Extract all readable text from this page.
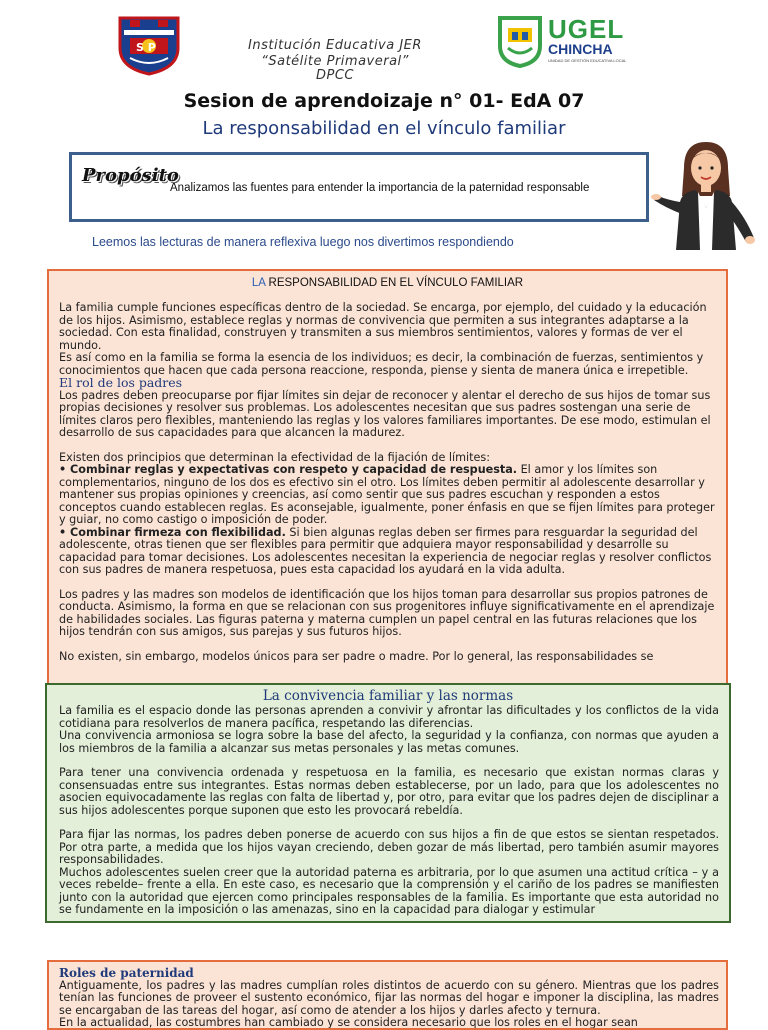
S P	Institución Educativa JER
“Satélite Primaveral”
DPCC
UGEL
CHINCHA
UNIDAD DE GESTIÓN EDUCATIVA LOCAL
Sesion de aprendoizaje n° 01- EdA 07
La responsabilidad en el vínculo familiar
Propósito
Analizamos las fuentes para entender la importancia de la paternidad responsable
Leemos las lecturas de manera reflexiva luego nos divertimos respondiendo
LA RESPONSABILIDAD EN EL VÍNCULO FAMILIAR

La familia cumple funciones específicas dentro de la sociedad. Se encarga, por ejemplo, del cuidado y la educación de los hijos. Asimismo, establece reglas y normas de convivencia que permiten a sus integrantes adaptarse a la sociedad. Con esta finalidad, construyen y transmiten a sus miembros sentimientos, valores y formas de ver el mundo.

Es así como en la familia se forma la esencia de los individuos; es decir, la combinación de fuerzas, sentimientos y conocimientos que hacen que cada persona reaccione, responda, piense y sienta de manera única e irrepetible.

El rol de los padres

Los padres deben preocuparse por fijar límites sin dejar de reconocer y alentar el derecho de sus hijos de tomar sus propias decisiones y resolver sus problemas. Los adolescentes necesitan que sus padres sostengan una serie de límites claros pero flexibles, manteniendo las reglas y los valores familiares importantes. De ese modo, estimulan el desarrollo de sus capacidades para que alcancen la madurez.

Existen dos principios que determinan la efectividad de la fijación de límites:

• Combinar reglas y expectativas con respeto y capacidad de respuesta. El amor y los límites son complementarios, ninguno de los dos es efectivo sin el otro. Los límites deben permitir al adolescente desarrollar y mantener sus propias opiniones y creencias, así como sentir que sus padres escuchan y responden a estos conceptos cuando establecen reglas. Es aconsejable, igualmente, poner énfasis en que se fijen límites para proteger y guiar, no como castigo o imposición de poder.

• Combinar firmeza con flexibilidad. Si bien algunas reglas deben ser firmes para resguardar la seguridad del adolescente, otras tienen que ser flexibles para permitir que adquiera mayor responsabilidad y desarrolle su capacidad para tomar decisiones. Los adolescentes necesitan la experiencia de negociar reglas y resolver conflictos con sus padres de manera respetuosa, pues esta capacidad los ayudará en la vida adulta.

Los padres y las madres son modelos de identificación que los hijos toman para desarrollar sus propios patrones de conducta. Asimismo, la forma en que se relacionan con sus progenitores influye significativamente en el aprendizaje de habilidades sociales. Las figuras paterna y materna cumplen un papel central en las futuras relaciones que los hijos tendrán con sus amigos, sus parejas y sus futuros hijos.

No existen, sin embargo, modelos únicos para ser padre o madre. Por lo general, las responsabilidades se

La convivencia familiar y las normas

La familia es el espacio donde las personas aprenden a convivir y afrontar las dificultades y los conflictos de la vida cotidiana para resolverlos de manera pacífica, respetando las diferencias.

Una convivencia armoniosa se logra sobre la base del afecto, la seguridad y la confianza, con normas que ayuden a los miembros de la familia a alcanzar sus metas personales y las metas comunes.

Para tener una convivencia ordenada y respetuosa en la familia, es necesario que existan normas claras y consensuadas entre sus integrantes. Estas normas deben establecerse, por un lado, para que los adolescentes no asocien equivocadamente las reglas con falta de libertad y, por otro, para evitar que los padres dejen de disciplinar a sus hijos adolescentes porque suponen que esto les provocará rebeldía.

Para fijar las normas, los padres deben ponerse de acuerdo con sus hijos a fin de que estos se sientan respetados. Por otra parte, a medida que los hijos vayan creciendo, deben gozar de más libertad, pero también asumir mayores responsabilidades.

Muchos adolescentes suelen creer que la autoridad paterna es arbitraria, por lo que asumen una actitud crítica – y a veces rebelde– frente a ella. En este caso, es necesario que la comprensión y el cariño de los padres se manifiesten junto con la autoridad que ejercen como principales responsables de la familia. Es importante que esta autoridad no se fundamente en la imposición o las amenazas, sino en la capacidad para dialogar y estimular

Roles de paternidad

Antiguamente, los padres y las madres cumplían roles distintos de acuerdo con su género. Mientras que los padres tenían las funciones de proveer el sustento económico, fijar las normas del hogar e imponer la disciplina, las madres se encargaban de las tareas del hogar, así como de atender a los hijos y darles afecto y ternura.

En la actualidad, las costumbres han cambiado y se considera necesario que los roles en el hogar sean
